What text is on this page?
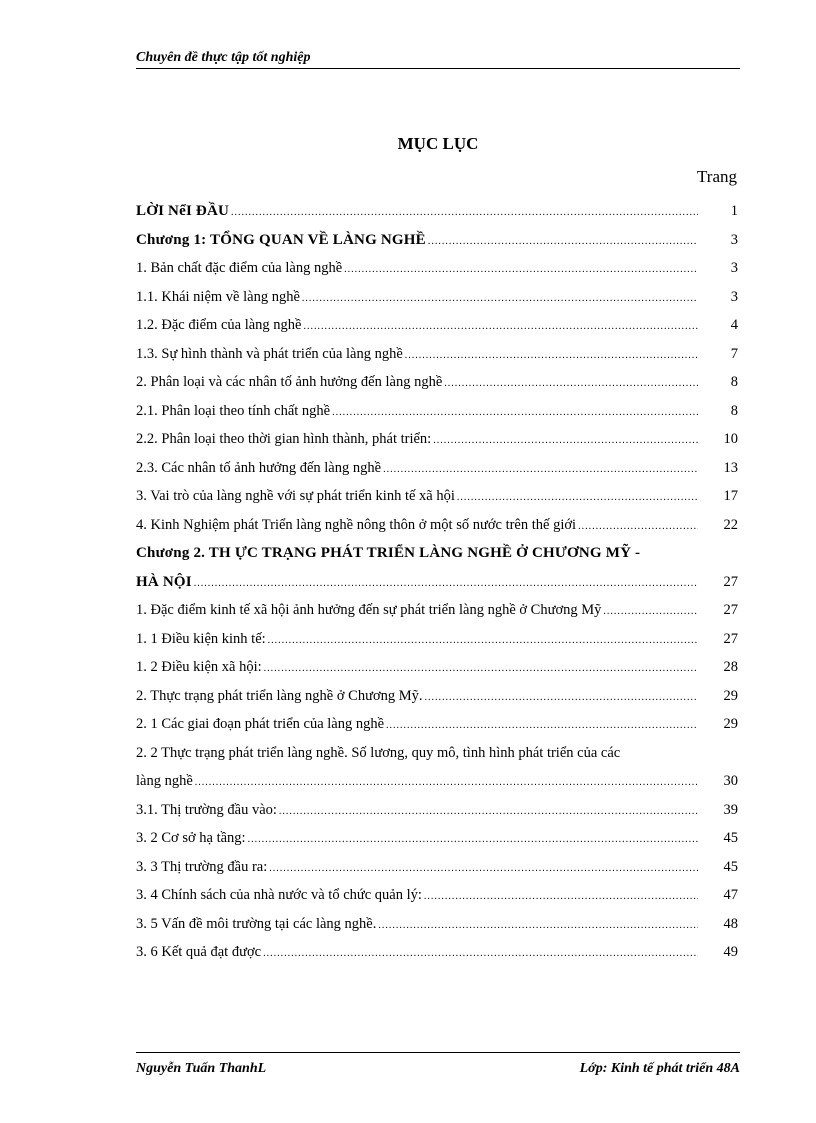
Chuyên đề thực tập tốt nghiệp
MỤC LỤC
Trang
LỜI NểI ĐẦU .....	1
Chương 1: TỔNG QUAN VỀ LÀNG NGHỀ .....	3
1. Bản chất đặc điểm của làng nghề .....	3
1.1. Khái niệm về làng nghề .....	3
1.2. Đặc điểm của làng nghề .....	4
1.3. Sự hình thành và phát triển của làng nghề .....	7
2. Phân loại và các nhân tố ảnh hưởng đến làng nghề .....	8
2.1. Phân loại theo tính chất nghề .....	8
2.2. Phân loại theo thời gian hình thành, phát triển: .....	10
2.3. Các nhân tố ảnh hưởng đến làng nghề .....	13
3. Vai trò của làng nghề với sự phát triển kinh tế xã hội .....	17
4. Kinh Nghiệm phát Triển làng nghề nông thôn ở một số nước trên thế giới .....	22
Chương 2. TH ỰC TRẠNG PHÁT TRIỂN LÀNG NGHỀ Ở CHƯƠNG MỸ -
HÀ NỘI .....	27
1. Đặc điểm kinh tế xã hội ảnh hưởng đến sự phát triển làng nghề ở Chương Mỹ .....	27
1. 1 Điều kiện kinh tế: .....	27
1. 2 Điều kiện xã hội: .....	28
2. Thực trạng phát triển làng nghề ở Chương Mỹ. .....	29
2. 1 Các giai đoạn phát triển của làng nghề .....	29
2. 2 Thực trạng phát triển làng nghề. Số lương, quy mô, tình hình phát triển của các
làng nghề .....	30
3.1. Thị trường đầu vào: .....	39
3. 2 Cơ sở hạ tầng: .....	45
3. 3 Thị trường đầu ra: .....	45
3. 4 Chính sách của nhà nước và tổ chức quản lý: .....	47
3. 5 Vấn đề môi trường tại các làng nghề. .....	48
3. 6 Kết quả đạt được .....	49
Nguyễn Tuấn ThanhL	Lớp: Kinh tế phát triển 48A
